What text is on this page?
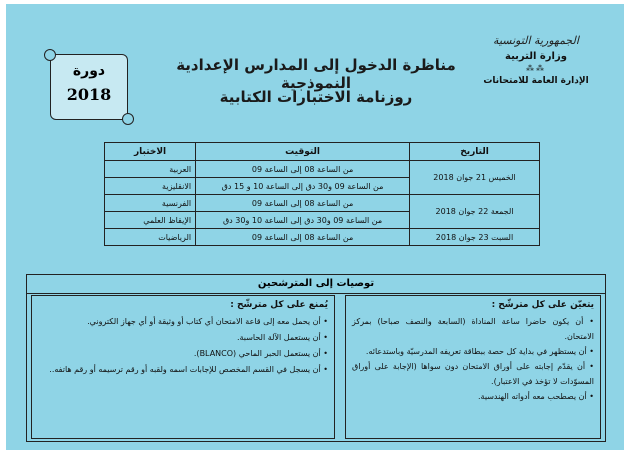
الجمهورية التونسية
وزارة التربية
⁂⁂
الإدارة العامة للامتحانات
مناظرة الدخول إلى المدارس الإعدادية النموذجية
روزنامة الاختبارات الكتابية
دورة
2018
التاريخ	التوقيت	الاختبار
الخميس 21 جوان 2018	من الساعة 08 إلى الساعة 09	العربية
	من الساعة 09 و30 دق إلى الساعة 10 و 15 دق	الانقليزية
الجمعة 22 جوان 2018	من الساعة 08 إلى الساعة 09	الفرنسية
	من الساعة 09 و30 دق إلى الساعة 10 و30 دق	الإيقاظ العلمي
السبت 23 جوان 2018	من الساعة 08 إلى الساعة 09	الرياضيات
توصيات إلى المترشحين
يتعيّن على كل مترشّح :
• أن يكون حاضرا ساعة المناداة (السابعة والنصف صباحا) بمركز الامتحان.
• أن يستظهر في بداية كل حصة ببطاقة تعريفه المدرسيّة وباستدعائه.
• أن يقدّم إجابته على أوراق الامتحان دون سواها (الإجابة على أوراق المسوّدات لا تؤخذ في الاعتبار).
• أن يصطحب معه أدواته الهندسية.
يُمنع على كل مترشّح :
• أن يحمل معه إلى قاعة الامتحان أي كتاب أو وثيقة أو أي جهاز الكتروني.
• أن يستعمل الآلة الحاسبة.
• أن يستعمل الحبر الماحي (BLANCO).
• أن يسجل في القسم المخصص للإجابات اسمه ولقبه أو رقم ترسيمه أو رقم هاتفه..
